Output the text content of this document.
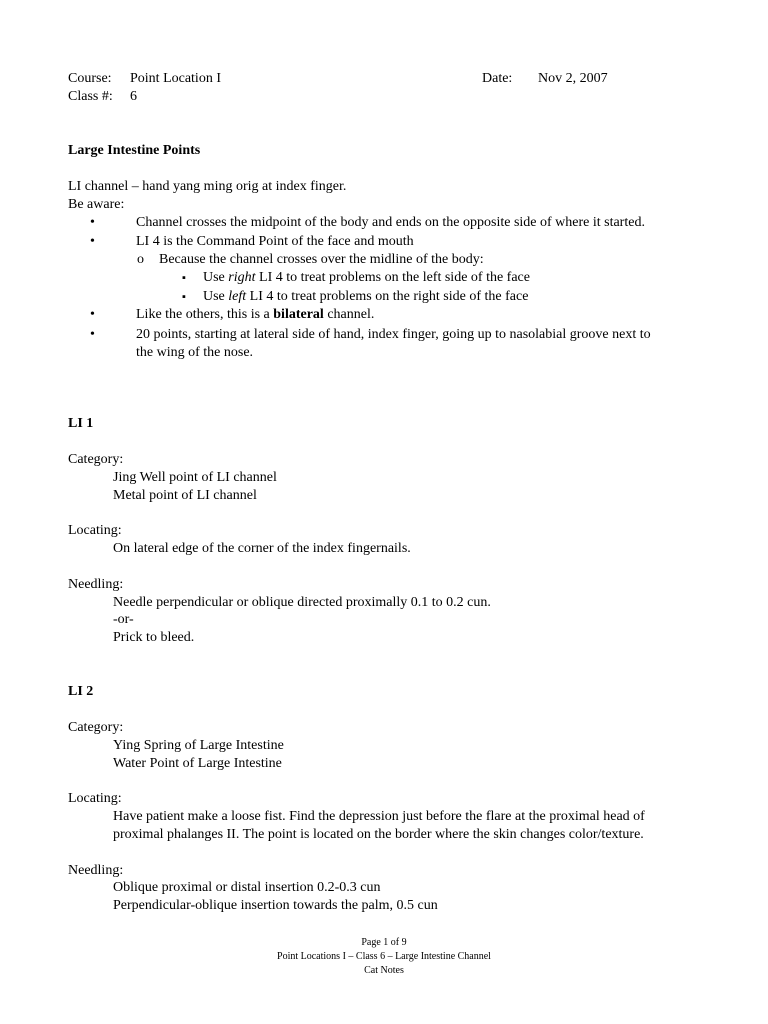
Course: Point Location I	Date: Nov 2, 2007
Class #: 6
Large Intestine Points
LI channel – hand yang ming orig at index finger.
Be aware:
•	Channel crosses the midpoint of the body and ends on the opposite side of where it started.
•	LI 4 is the Command Point of the face and mouth
o Because the channel crosses over the midline of the body:
▪ Use right LI 4 to treat problems on the left side of the face
▪ Use left LI 4 to treat problems on the right side of the face
•	Like the others, this is a bilateral channel.
•	20 points, starting at lateral side of hand, index finger, going up to nasolabial groove next to
the wing of the nose.
LI 1
Category:
Jing Well point of LI channel
Metal point of LI channel
Locating:
On lateral edge of the corner of the index fingernails.
Needling:
Needle perpendicular or oblique directed proximally 0.1 to 0.2 cun.
-or-
Prick to bleed.
LI 2
Category:
Ying Spring of Large Intestine
Water Point of Large Intestine
Locating:
Have patient make a loose fist. Find the depression just before the flare at the proximal head of
proximal phalanges II. The point is located on the border where the skin changes color/texture.
Needling:
Oblique proximal or distal insertion 0.2-0.3 cun
Perpendicular-oblique insertion towards the palm, 0.5 cun
Page 1 of 9
Point Locations I – Class 6 – Large Intestine Channel
Cat Notes
